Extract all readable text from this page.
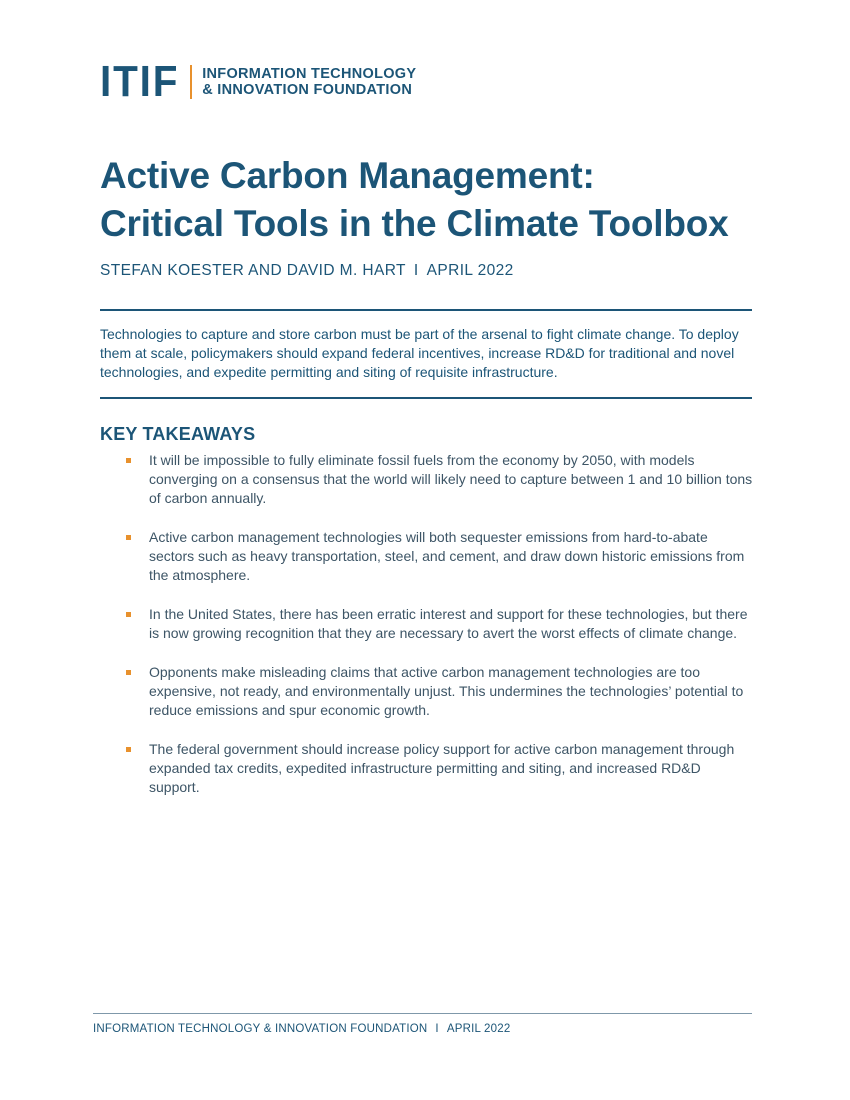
ITIF INFORMATION TECHNOLOGY
& INNOVATION FOUNDATION
Active Carbon Management:
Critical Tools in the Climate Toolbox
STEFAN KOESTER AND DAVID M. HART I APRIL 2022

Technologies to capture and store carbon must be part of the arsenal to fight climate change. To deploy them at scale, policymakers should expand federal incentives, increase RD&D for traditional and novel technologies, and expedite permitting and siting of requisite infrastructure.

KEY TAKEAWAYS
It will be impossible to fully eliminate fossil fuels from the economy by 2050, with models converging on a consensus that the world will likely need to capture between 1 and 10 billion tons of carbon annually.
Active carbon management technologies will both sequester emissions from hard-to-abate sectors such as heavy transportation, steel, and cement, and draw down historic emissions from the atmosphere.
In the United States, there has been erratic interest and support for these technologies, but there is now growing recognition that they are necessary to avert the worst effects of climate change.
Opponents make misleading claims that active carbon management technologies are too expensive, not ready, and environmentally unjust. This undermines the technologies’ potential to reduce emissions and spur economic growth.
The federal government should increase policy support for active carbon management through expanded tax credits, expedited infrastructure permitting and siting, and increased RD&D support.
INFORMATION TECHNOLOGY & INNOVATION FOUNDATION I APRIL 2022
